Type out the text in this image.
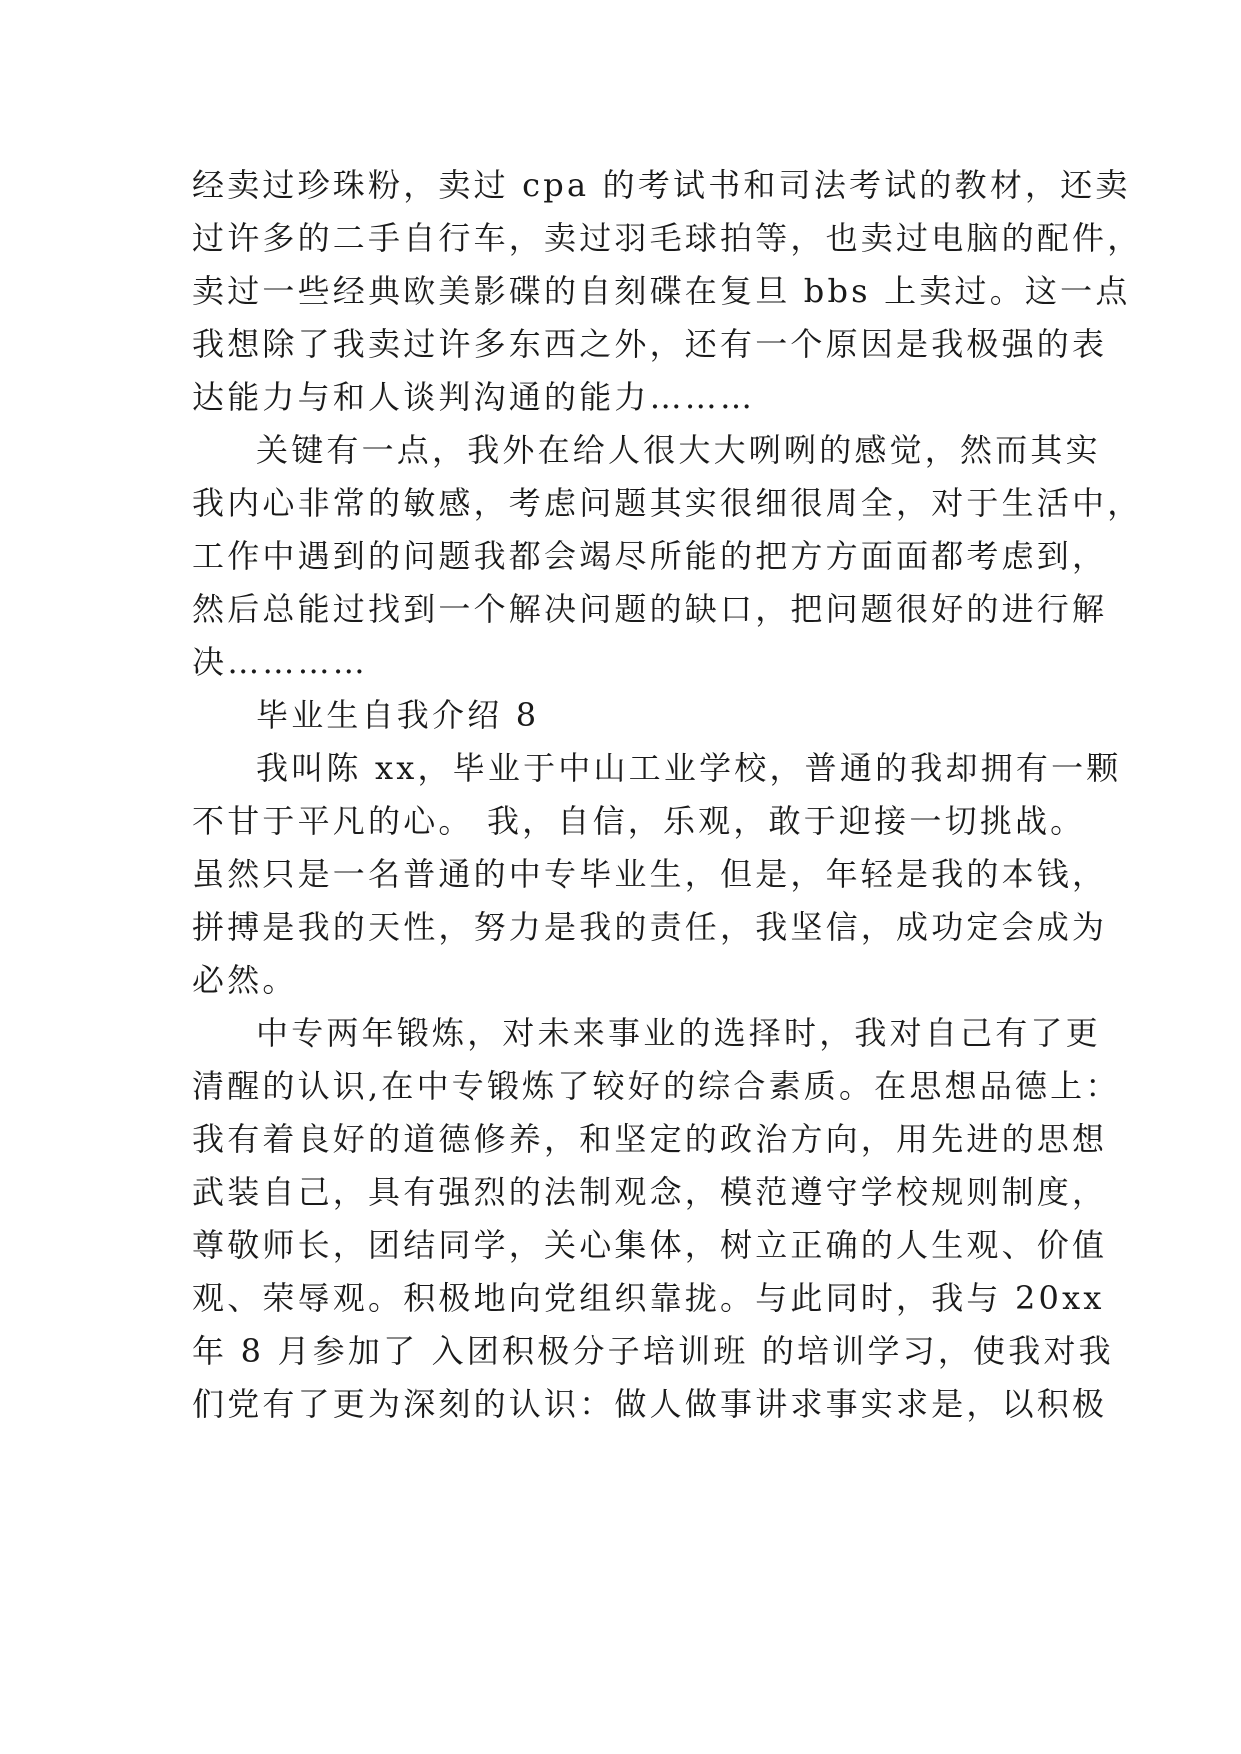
经卖过珍珠粉，卖过 cpa 的考试书和司法考试的教材，还卖
过许多的二手自行车，卖过羽毛球拍等，也卖过电脑的配件，
卖过一些经典欧美影碟的自刻碟在复旦 bbs 上卖过。这一点
我想除了我卖过许多东西之外，还有一个原因是我极强的表
达能力与和人谈判沟通的能力………
关键有一点，我外在给人很大大咧咧的感觉，然而其实
我内心非常的敏感，考虑问题其实很细很周全，对于生活中，
工作中遇到的问题我都会竭尽所能的把方方面面都考虑到，
然后总能过找到一个解决问题的缺口，把问题很好的进行解
决…………
毕业生自我介绍 8
我叫陈 xx，毕业于中山工业学校，普通的我却拥有一颗
不甘于平凡的心。 我，自信，乐观，敢于迎接一切挑战。
虽然只是一名普通的中专毕业生，但是，年轻是我的本钱，
拼搏是我的天性，努力是我的责任，我坚信，成功定会成为
必然。
中专两年锻炼，对未来事业的选择时，我对自己有了更
清醒的认识,在中专锻炼了较好的综合素质。在思想品德上：
我有着良好的道德修养，和坚定的政治方向，用先进的思想
武装自己，具有强烈的法制观念，模范遵守学校规则制度，
尊敬师长，团结同学，关心集体，树立正确的人生观、价值
观、荣辱观。积极地向党组织靠拢。与此同时，我与 20xx
年 8 月参加了 入团积极分子培训班 的培训学习，使我对我
们党有了更为深刻的认识：做人做事讲求事实求是，以积极
